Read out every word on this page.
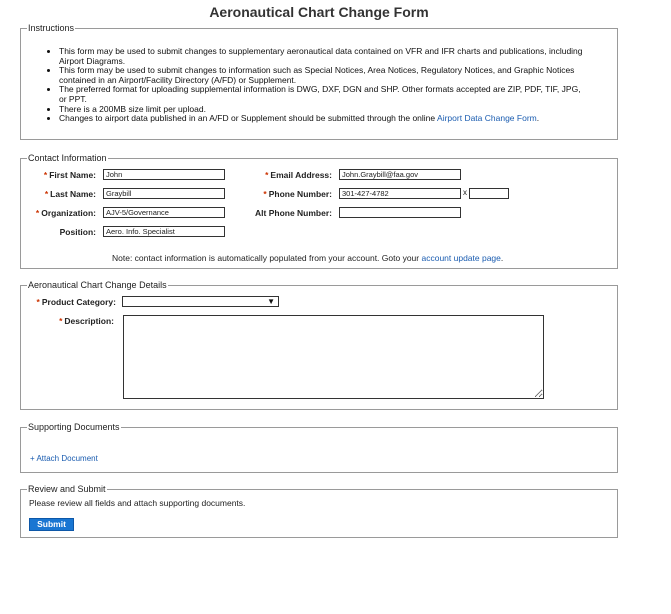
Aeronautical Chart Change Form
Instructions
• This form may be used to submit changes to supplementary aeronautical data contained on VFR and IFR charts and publications, including Airport Diagrams.
• This form may be used to submit changes to information such as Special Notices, Area Notices, Regulatory Notices, and Graphic Notices contained in an Airport/Facility Directory (A/FD) or Supplement.
• The preferred format for uploading supplemental information is DWG, DXF, DGN and SHP. Other formats accepted are ZIP, PDF, TIF, JPG, or PPT.
• There is a 200MB size limit per upload.
• Changes to airport data published in an A/FD or Supplement should be submitted through the online Airport Data Change Form.
Contact Information
* First Name:
John
* Last Name:
Graybill
* Organization:
AJV-5/Governance
Position:
Aero. Info. Specialist
* Email Address:
John.Graybill@faa.gov
* Phone Number:
301-427-4782	x
Alt Phone Number:
Note: contact information is automatically populated from your account. Goto your account update page.
Aeronautical Chart Change Details
* Product Category:	▼
* Description:
Supporting Documents
+ Attach Document
Review and Submit
Please review all fields and attach supporting documents.
Submit
